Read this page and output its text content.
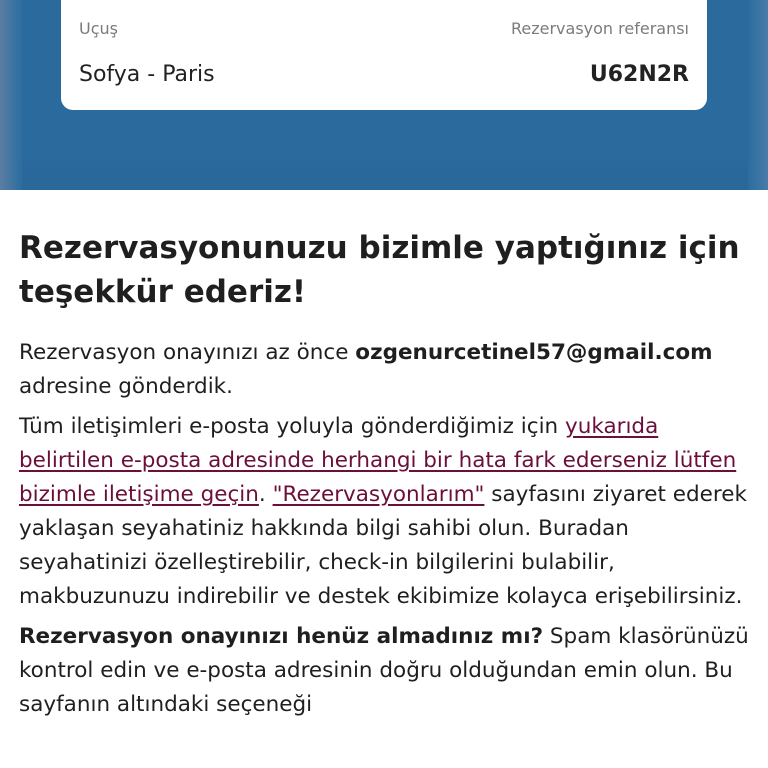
Uçuş	Rezervasyon referansı
Sofya - Paris	U62N2R
Rezervasyonunuzu bizimle yaptığınız için teşekkür ederiz!

Rezervasyon onayınızı az önce ozgenurcetinel57@gmail.com adresine gönderdik.

Tüm iletişimleri e-posta yoluyla gönderdiğimiz için yukarıda belirtilen e-posta adresinde herhangi bir hata fark ederseniz lütfen bizimle iletişime geçin. "Rezervasyonlarım" sayfasını ziyaret ederek yaklaşan seyahatiniz hakkında bilgi sahibi olun. Buradan seyahatinizi özelleştirebilir, check-in bilgilerini bulabilir, makbuzunuzu indirebilir ve destek ekibimize kolayca erişebilirsiniz.

Rezervasyon onayınızı henüz almadınız mı? Spam klasörünüzü kontrol edin ve e-posta adresinin doğru olduğundan emin olun. Bu sayfanın altındaki seçeneği
